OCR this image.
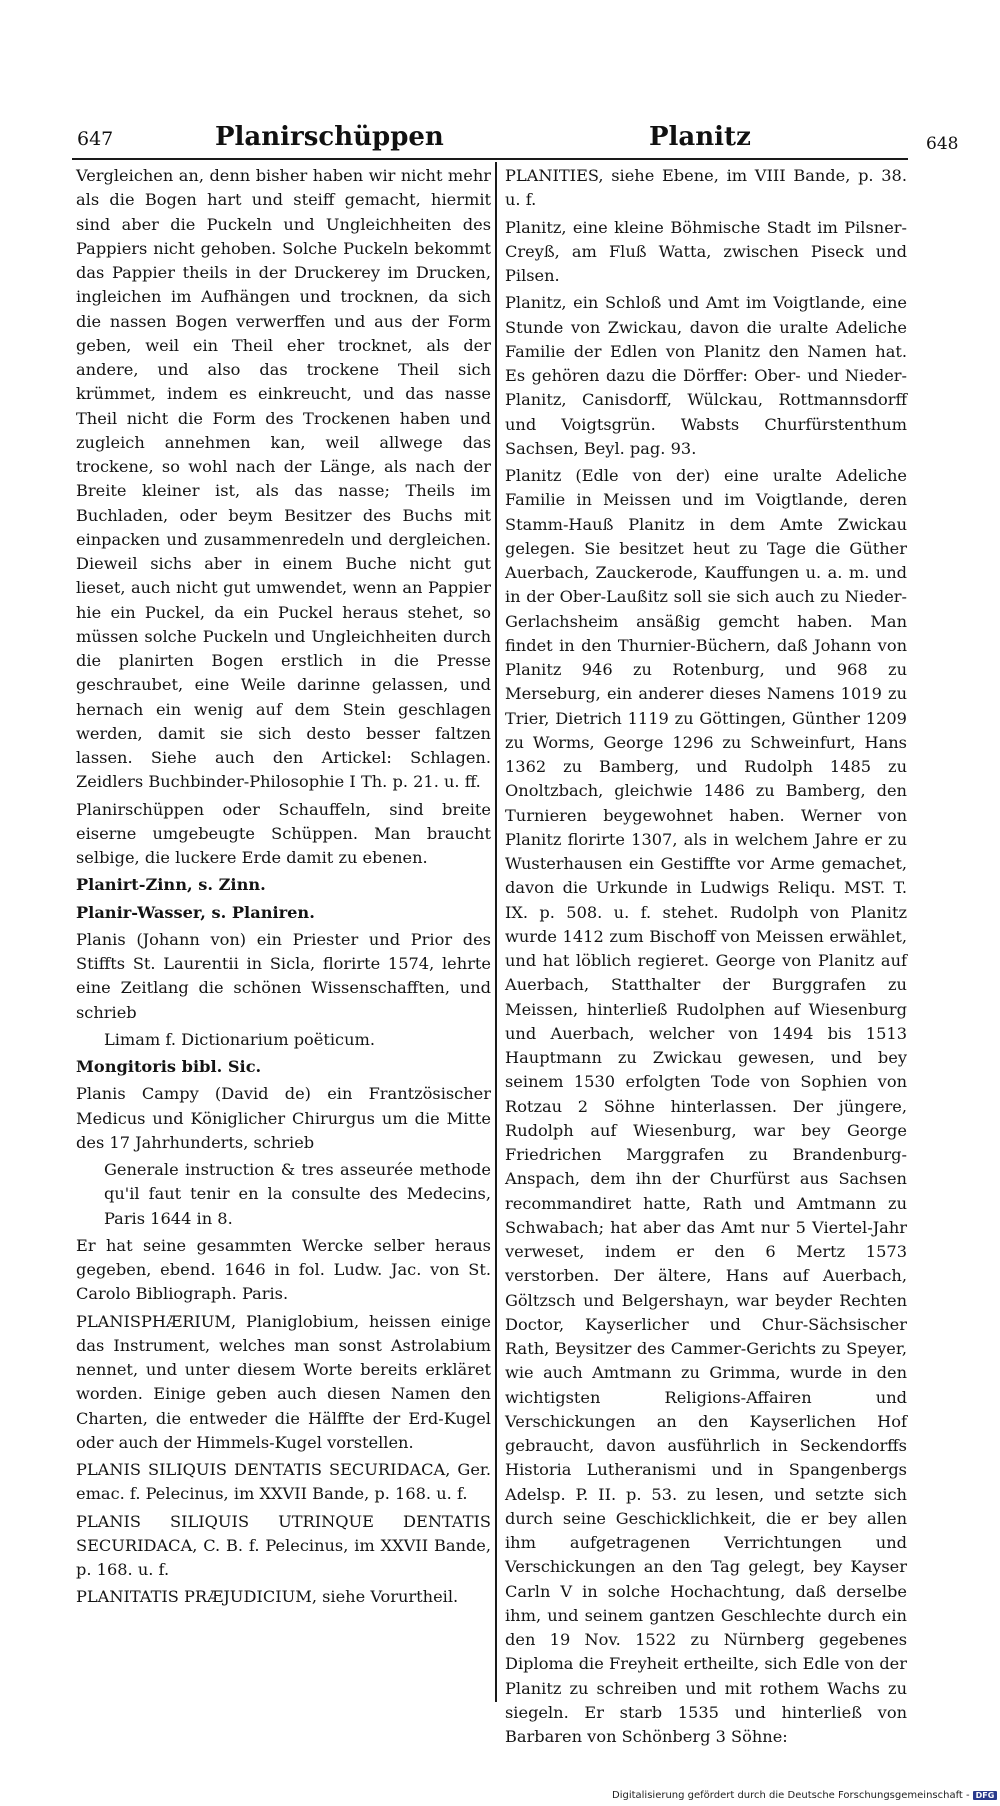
647	Planirschüppen	Planitz	648

Vergleichen an, denn bisher haben wir nicht mehr als die Bogen hart und steiff gemacht, hiermit sind aber die Puckeln und Ungleichheiten des Pappiers nicht gehoben. Solche Puckeln bekommt das Pappier theils in der Druckerey im Drucken, ingleichen im Aufhängen und trocknen, da sich die nassen Bogen verwerffen und aus der Form geben, weil ein Theil eher trocknet, als der andere, und also das trockene Theil sich krümmet, indem es einkreucht, und das nasse Theil nicht die Form des Trockenen haben und zugleich annehmen kan, weil allwege das trockene, so wohl nach der Länge, als nach der Breite kleiner ist, als das nasse; Theils im Buchladen, oder beym Besitzer des Buchs mit einpacken und zusammenredeln und dergleichen. Dieweil sichs aber in einem Buche nicht gut lieset, auch nicht gut umwendet, wenn an Pappier hie ein Puckel, da ein Puckel heraus stehet, so müssen solche Puckeln und Ungleichheiten durch die planirten Bogen erstlich in die Presse geschraubet, eine Weile darinne gelassen, und hernach ein wenig auf dem Stein geschlagen werden, damit sie sich desto besser faltzen lassen. Siehe auch den Artickel: Schlagen. Zeidlers Buchbinder-Philosophie I Th. p. 21. u. ff.

Planirschüppen oder Schauffeln, sind breite eiserne umgebeugte Schüppen. Man braucht selbige, die luckere Erde damit zu ebenen.

Planirt-Zinn, s. Zinn.

Planir-Wasser, s. Planiren.

Planis (Johann von) ein Priester und Prior des Stiffts St. Laurentii in Sicla, florirte 1574, lehrte eine Zeitlang die schönen Wissenschafften, und schrieb

Limam f. Dictionarium poëticum.

Mongitoris bibl. Sic.

Planis Campy (David de) ein Frantzösischer Medicus und Königlicher Chirurgus um die Mitte des 17 Jahrhunderts, schrieb

Generale instruction & tres asseurée methode qu'il faut tenir en la consulte des Medecins, Paris 1644 in 8.

Er hat seine gesammten Wercke selber heraus gegeben, ebend. 1646 in fol. Ludw. Jac. von St. Carolo Bibliograph. Paris.

PLANISPHÆRIUM, Planiglobium, heissen einige das Instrument, welches man sonst Astrolabium nennet, und unter diesem Worte bereits erkläret worden. Einige geben auch diesen Namen den Charten, die entweder die Hälffte der Erd-Kugel oder auch der Himmels-Kugel vorstellen.

PLANIS SILIQUIS DENTATIS SECURIDACA, Ger. emac. f. Pelecinus, im XXVII Bande, p. 168. u. f.

PLANIS SILIQUIS UTRINQUE DENTATIS SECURIDACA, C. B. f. Pelecinus, im XXVII Bande, p. 168. u. f.

PLANITATIS PRÆJUDICIUM, siehe Vorurtheil.

PLANITIES, siehe Ebene, im VIII Bande, p. 38. u. f.

Planitz, eine kleine Böhmische Stadt im Pilsner-Creyß, am Fluß Watta, zwischen Piseck und Pilsen.

Planitz, ein Schloß und Amt im Voigtlande, eine Stunde von Zwickau, davon die uralte Adeliche Familie der Edlen von Planitz den Namen hat. Es gehören dazu die Dörffer: Ober- und Nieder-Planitz, Canisdorff, Wülckau, Rottmannsdorff und Voigtsgrün. Wabsts Churfürstenthum Sachsen, Beyl. pag. 93.

Planitz (Edle von der) eine uralte Adeliche Familie in Meissen und im Voigtlande, deren Stamm-Hauß Planitz in dem Amte Zwickau gelegen. Sie besitzet heut zu Tage die Güther Auerbach, Zauckerode, Kauffungen u. a. m. und in der Ober-Laußitz soll sie sich auch zu Nieder-Gerlachsheim ansäßig gemcht haben. Man findet in den Thurnier-Büchern, daß Johann von Planitz 946 zu Rotenburg, und 968 zu Merseburg, ein anderer dieses Namens 1019 zu Trier, Dietrich 1119 zu Göttingen, Günther 1209 zu Worms, George 1296 zu Schweinfurt, Hans 1362 zu Bamberg, und Rudolph 1485 zu Onoltzbach, gleichwie 1486 zu Bamberg, den Turnieren beygewohnet haben. Werner von Planitz florirte 1307, als in welchem Jahre er zu Wusterhausen ein Gestiffte vor Arme gemachet, davon die Urkunde in Ludwigs Reliqu. MST. T. IX. p. 508. u. f. stehet. Rudolph von Planitz wurde 1412 zum Bischoff von Meissen erwählet, und hat löblich regieret. George von Planitz auf Auerbach, Statthalter der Burggrafen zu Meissen, hinterließ Rudolphen auf Wiesenburg und Auerbach, welcher von 1494 bis 1513 Hauptmann zu Zwickau gewesen, und bey seinem 1530 erfolgten Tode von Sophien von Rotzau 2 Söhne hinterlassen. Der jüngere, Rudolph auf Wiesenburg, war bey George Friedrichen Marggrafen zu Brandenburg-Anspach, dem ihn der Churfürst aus Sachsen recommandiret hatte, Rath und Amtmann zu Schwabach; hat aber das Amt nur 5 Viertel-Jahr verweset, indem er den 6 Mertz 1573 verstorben. Der ältere, Hans auf Auerbach, Göltzsch und Belgershayn, war beyder Rechten Doctor, Kayserlicher und Chur-Sächsischer Rath, Beysitzer des Cammer-Gerichts zu Speyer, wie auch Amtmann zu Grimma, wurde in den wichtigsten Religions-Affairen und Verschickungen an den Kayserlichen Hof gebraucht, davon ausführlich in Seckendorffs Historia Lutheranismi und in Spangenbergs Adelsp. P. II. p. 53. zu lesen, und setzte sich durch seine Geschicklichkeit, die er bey allen ihm aufgetragenen Verrichtungen und Verschickungen an den Tag gelegt, bey Kayser Carln V in solche Hochachtung, daß derselbe ihm, und seinem gantzen Geschlechte durch ein den 19 Nov. 1522 zu Nürnberg gegebenes Diploma die Freyheit ertheilte, sich Edle von der Planitz zu schreiben und mit rothem Wachs zu siegeln. Er starb 1535 und hinterließ von Barbaren von Schönberg 3 Söhne:

Digitalisierung gefördert durch die Deutsche Forschungsgemeinschaft - DFG
